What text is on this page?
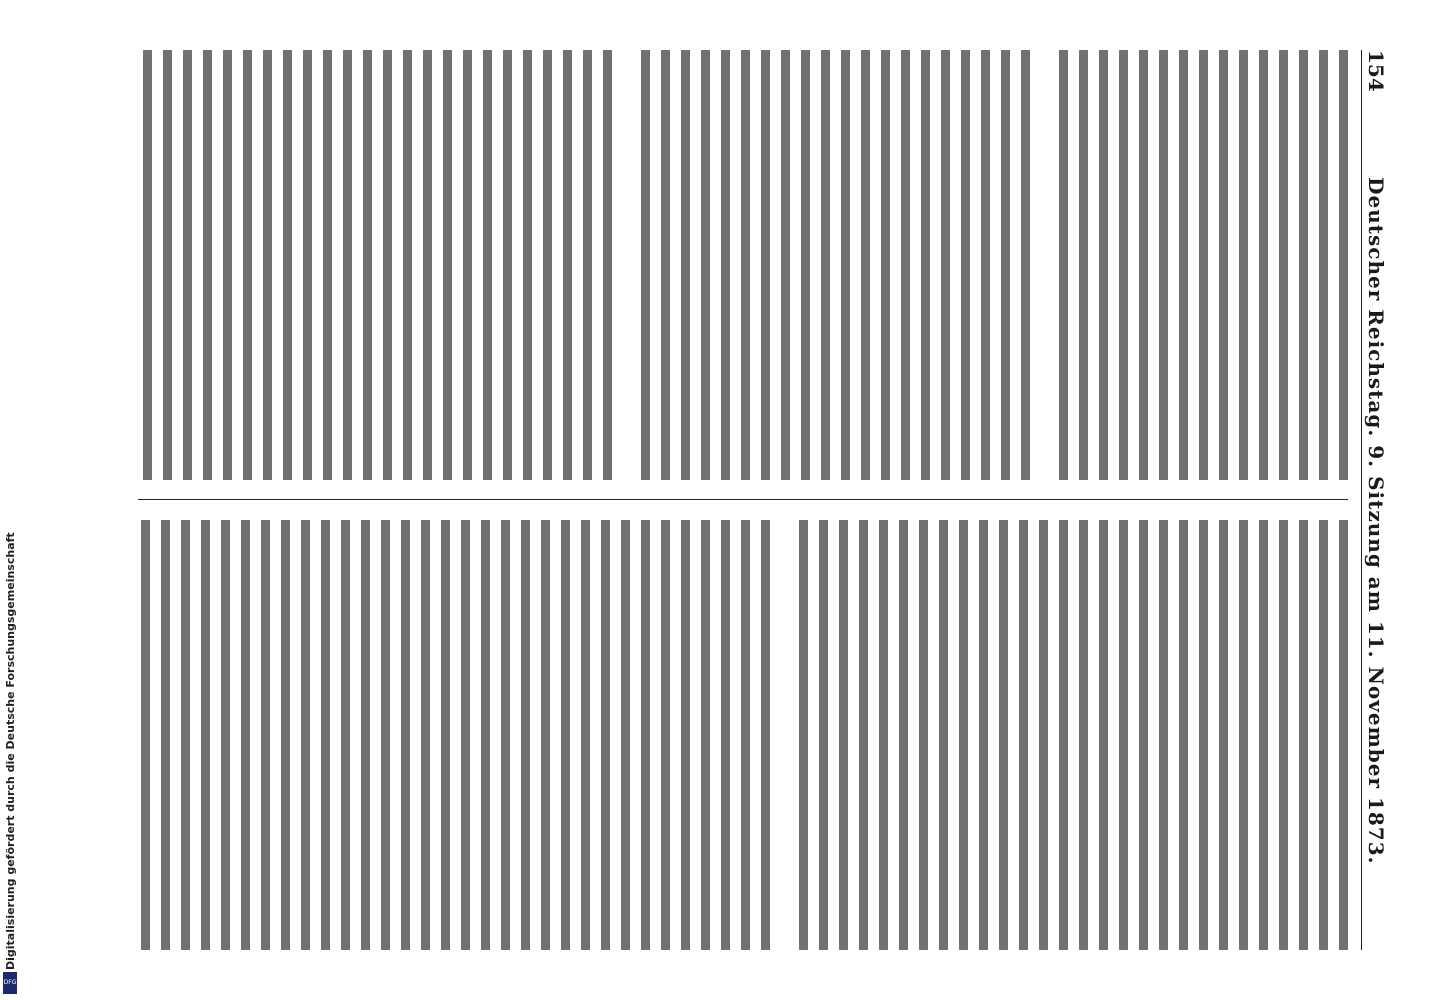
154
Deutscher Reichstag. 9. Sitzung am 11. November 1873.
Digitalisierung gefördert durch die Deutsche Forschungsgemeinschaft
DFG
